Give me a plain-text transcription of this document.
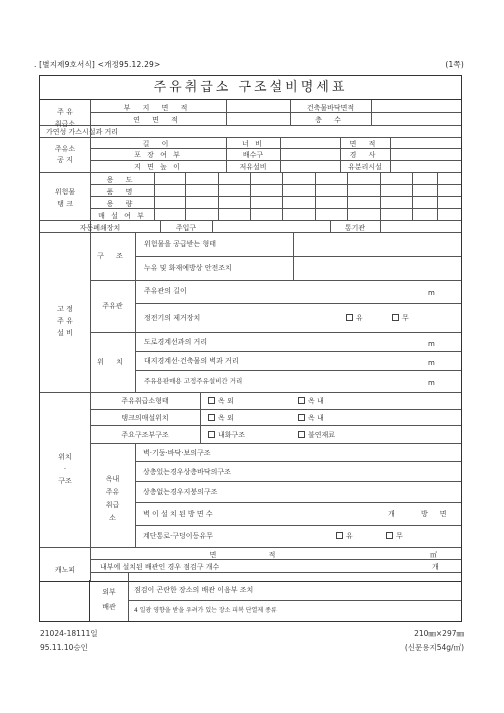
. [별지제9호서식] <개정95.12.29>	(1쪽)
주유취급소 구조설비명세표
주 유
취급소
부 지 면 적	건축물바닥면적
연 면 적	층 수
가연성 가스시설과 거리
주유소
공 지
길 이	너 비	면 적
포 장 여 부	배수구	경 사
지 면 높 이	저유설비	유분리시설
위험물
탱 크
용 도
품 명
용 량
매 설 여 부
자동폐쇄장치	주입구	통기관
고 정
주 유
설 비
구 조
위험물을 공급받는 형태
누유 및 화재예방상 안전조치
주유관
주유관의 길이	m
정전기의 제거장치	유	무
위 치
도로경계선과의 거리	m
대지경계선·건축물의 벽과 거리	m
주유용판매용 고정주유설비간 거리	m
위치
·
구조
주유취급소형태	옥 외	옥 내
탱크의매설위치	옥 외	옥 내
주요구조부구조	내화구조	불연재료
옥내
주유
취급
소
벽·기둥·바닥·보의구조
상층있는경우상층바닥의구조
상층없는경우지붕의구조
벽 이 설 치 된 방 면 수	개 방면
계단통로·구덩이등유무	유	무
캐노피
면 적	㎡
내부에 설치된 배관인 경우 점검구 개수	개
외부
배관
점검이 곤란한 장소의 배관 이음부 조치
4 일광 영향을 받을 우려가 있는 장소 피복 단열제 종류
21024-18111일
95.11.10승인
210㎜×297㎜
(신문용지54g/㎡)
